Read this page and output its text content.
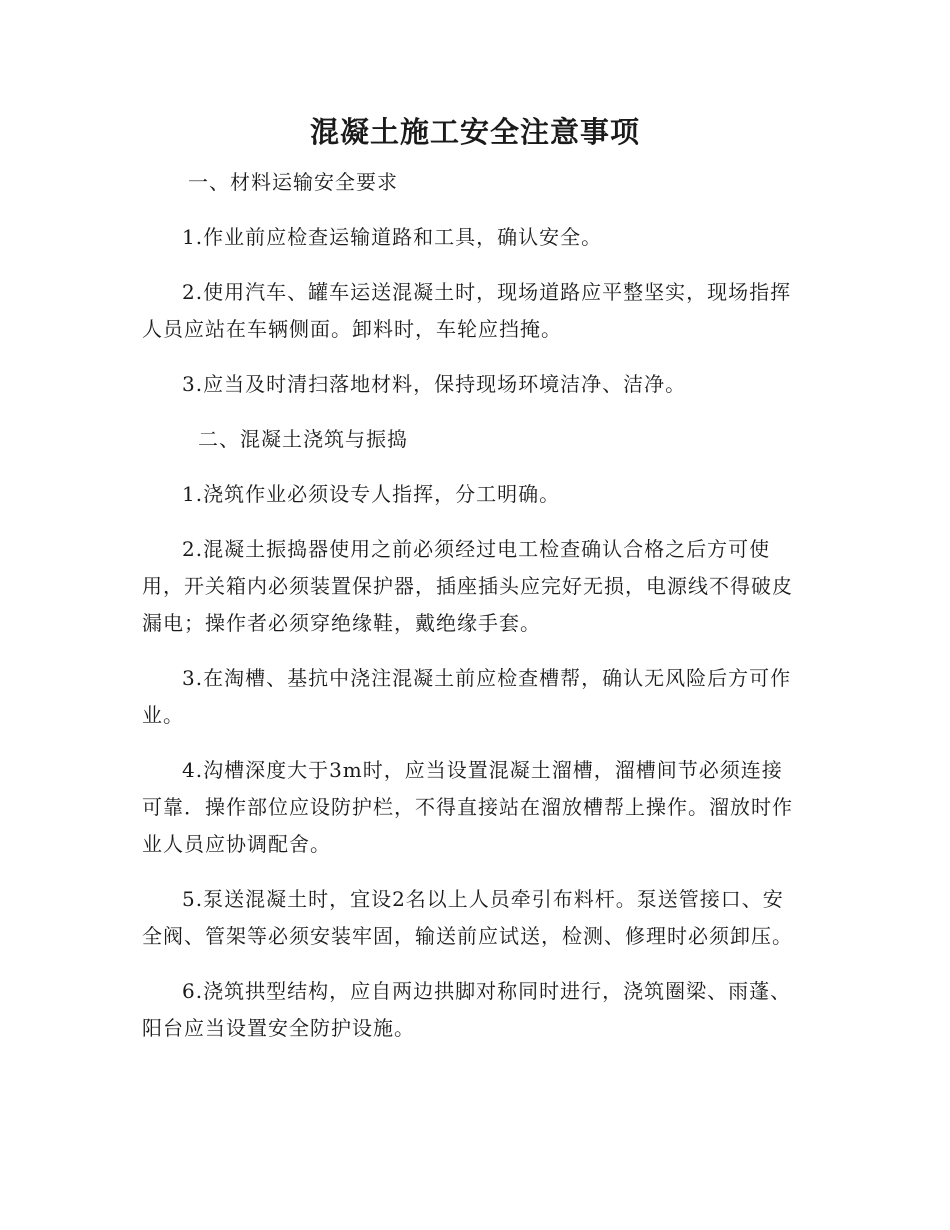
混凝土施工安全注意事项

一、材料运输安全要求

1.作业前应检查运输道路和工具，确认安全。

2.使用汽车、罐车运送混凝土时，现场道路应平整坚实，现场指挥人员应站在车辆侧面。卸料时，车轮应挡掩。

3.应当及时清扫落地材料，保持现场环境洁净、洁净。

二、混凝土浇筑与振捣

1.浇筑作业必须设专人指挥，分工明确。

2.混凝土振捣器使用之前必须经过电工检查确认合格之后方可使用，开关箱内必须装置保护器，插座插头应完好无损，电源线不得破皮漏电；操作者必须穿绝缘鞋，戴绝缘手套。

3.在淘槽、基抗中浇注混凝土前应检查槽帮，确认无风险后方可作业。

4.沟槽深度大于3m时，应当设置混凝土溜槽，溜槽间节必须连接可靠．操作部位应设防护栏，不得直接站在溜放槽帮上操作。溜放时作业人员应协调配舍。

5.泵送混凝土时，宜设2名以上人员牵引布料杆。泵送管接口、安全阀、管架等必须安装牢固，输送前应试送，检测、修理时必须卸压。

6.浇筑拱型结构，应自两边拱脚对称同时进行，浇筑圈梁、雨蓬、阳台应当设置安全防护设施。
